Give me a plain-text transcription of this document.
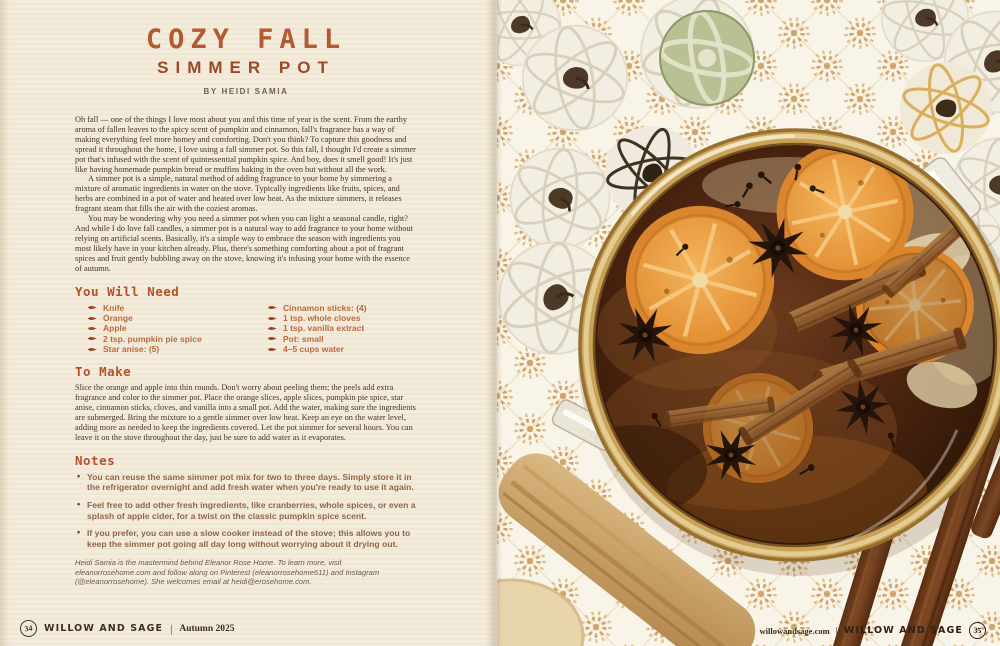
COZY FALL
SIMMER POT
BY HEIDI SAMIA

Oh fall — one of the things I love most about you and this time of year is the scent. From the earthy aroma of fallen leaves to the spicy scent of pumpkin and cinnamon, fall's fragrance has a way of making everything feel more homey and comforting. Don't you think? To capture this goodness and spread it throughout the home, I love using a fall simmer pot. So this fall, I thought I'd create a simmer pot that's infused with the scent of quintessential pumpkin spice. And boy, does it smell good! It's just like having homemade pumpkin bread or muffins baking in the oven but without all the work.

A simmer pot is a simple, natural method of adding fragrance to your home by simmering a mixture of aromatic ingredients in water on the stove. Typically ingredients like fruits, spices, and herbs are combined in a pot of water and heated over low heat. As the mixture simmers, it releases fragrant steam that fills the air with the coziest aromas.

You may be wondering why you need a simmer pot when you can light a seasonal candle, right? And while I do love fall candles, a simmer pot is a natural way to add fragrance to your home without relying on artificial scents. Basically, it's a simple way to embrace the season with ingredients you most likely have in your kitchen already. Plus, there's something comforting about a pot of fragrant spices and fruit gently bubbling away on the stove, knowing it's infusing your home with the essence of autumn.

You Will Need
Knife
Orange
Apple
2 tsp. pumpkin pie spice
Star anise: (5)
Cinnamon sticks: (4)
1 tsp. whole cloves
1 tsp. vanilla extract
Pot: small
4–5 cups water
To Make

Slice the orange and apple into thin rounds. Don't worry about peeling them; the peels add extra fragrance and color to the simmer pot. Place the orange slices, apple slices, pumpkin pie spice, star anise, cinnamon sticks, cloves, and vanilla into a small pot. Add the water, making sure the ingredients are submerged. Bring the mixture to a gentle simmer over low heat. Keep an eye on the water level, adding more as needed to keep the ingredients covered. Let the pot simmer for several hours. You can leave it on the stove throughout the day, just be sure to add water as it evaporates.

Notes
• You can reuse the same simmer pot mix for two to three days. Simply store it in the refrigerator overnight and add fresh water when you're ready to use it again.
• Feel free to add other fresh ingredients, like cranberries, whole spices, or even a splash of apple cider, for a twist on the classic pumpkin spice scent.
• If you prefer, you can use a slow cooker instead of the stove; this allows you to keep the simmer pot going all day long without worrying about it drying out.

Heidi Samia is the mastermind behind Eleanor Rose Home. To learn more, visit eleanorrosehome.com and follow along on Pinterest (eleanorrosehome611) and Instagram (@eleanorrosehome). She welcomes email at heidi@erosehome.com.

34	WILLOW AND SAGE | Autumn 2025	willowandsage.com | WILLOW AND SAGE	35
